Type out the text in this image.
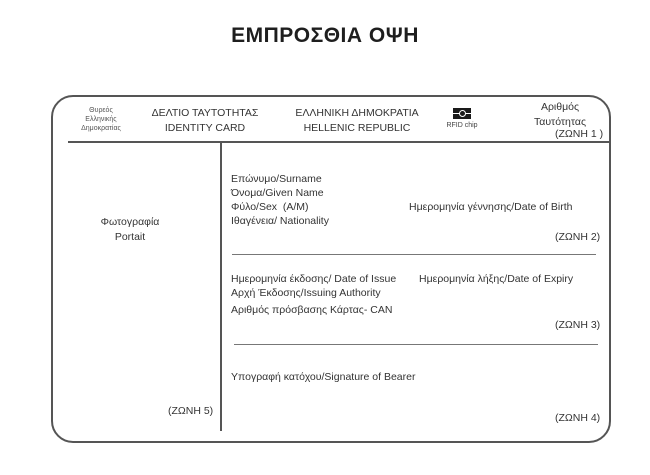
ΕΜΠΡΟΣΘΙΑ ΟΨΗ
Θυρεός
Ελληνικής
Δημοκρατίας
ΔΕΛΤΙΟ ΤΑΥΤΟΤΗΤΑΣ
IDENTITY CARD
ΕΛΛΗΝΙΚΗ ΔΗΜΟΚΡΑΤΙΑ
HELLENIC REPUBLIC	RFID chip
Αριθμός
Ταυτότητας
(ΖΩΝΗ 1 )
Φωτογραφία
Portait
(ΖΩΝΗ 5)
Επώνυμο/Surname
Όνομα/Given Name
Φύλο/Sex  (Α/Μ)
Ιθαγένεια/ Nationality
Ημερομηνία γέννησης/Date of Birth
(ΖΩΝΗ 2)
Ημερομηνία έκδοσης/ Date of Issue Ημερομηνία λήξης/Date of Expiry
Αρχή Έκδοσης/Issuing Authority
Αριθμός πρόσβασης Κάρτας- CAN
(ΖΩΝΗ 3)
Υπογραφή κατόχου/Signature of Bearer
(ΖΩΝΗ 4)
